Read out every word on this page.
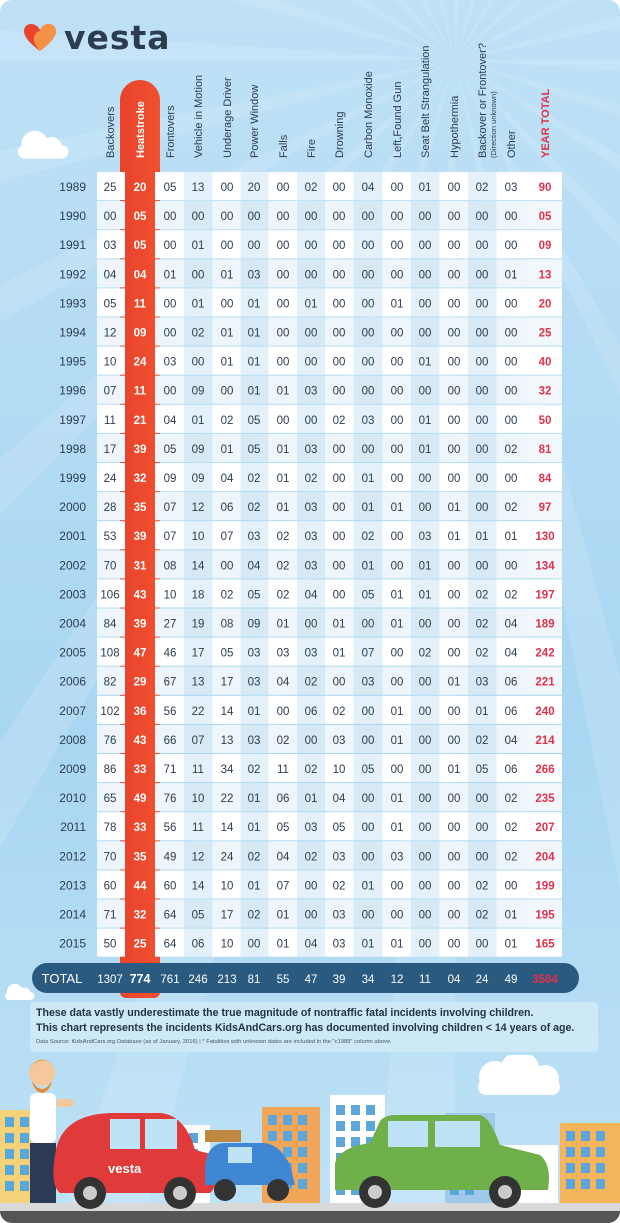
vesta
Backovers Heatstroke Frontovers Vehicle in Motion Underage Driver Power Window Falls Fire Drowning Carbon Monoxide Left,Found Gun Seat Belt Strangulation Hypothermia Backover or Frontover? Other YEAR TOTAL
(Direction unknown)
1989 25 20 05 13 00 20 00 02 00 04 00 01 00 02 03 90
1990 00 05 00 00 00 00 00 00 00 00 00 00 00 00 00 05
1991 03 05 00 01 00 00 00 00 00 00 00 00 00 00 00 09
1992 04 04 01 00 01 03 00 00 00 00 00 00 00 00 01 13
1993 05 11 00 01 00 01 00 01 00 00 01 00 00 00 00 20
1994 12 09 00 02 01 01 00 00 00 00 00 00 00 00 00 25
1995 10 24 03 00 01 01 00 00 00 00 00 01 00 00 00 40
1996 07 11 00 09 00 01 01 03 00 00 00 00 00 00 00 32
1997 11 21 04 01 02 05 00 00 02 03 00 01 00 00 00 50
1998 17 39 05 09 01 05 01 03 00 00 00 01 00 00 02 81
1999 24 32 09 09 04 02 01 02 00 01 00 00 00 00 00 84
2000 28 35 07 12 06 02 01 03 00 01 01 00 01 00 02 97
2001 53 39 07 10 07 03 02 03 00 02 00 03 01 01 01 130
2002 70 31 08 14 00 04 02 03 00 01 00 01 00 00 00 134
2003 106 43 10 18 02 05 02 04 00 05 01 01 00 02 02 197
2004 84 39 27 19 08 09 01 00 01 00 01 00 00 02 04 189
2005 108 47 46 17 05 03 03 03 01 07 00 02 00 02 04 242
2006 82 29 67 13 17 03 04 02 00 03 00 00 01 03 06 221
2007 102 36 56 22 14 01 00 06 02 00 01 00 00 01 06 240
2008 76 43 66 07 13 03 02 00 03 00 01 00 00 02 04 214
2009 86 33 71 11 34 02 11 02 10 05 00 00 01 05 06 266
2010 65 49 76 10 22 01 06 01 04 00 01 00 00 00 02 235
2011 78 33 56 11 14 01 05 03 05 00 01 00 00 00 02 207
2012 70 35 49 12 24 02 04 02 03 00 03 00 00 00 02 204
2013 60 44 60 14 10 01 07 00 02 01 00 00 00 02 00 199
2014 71 32 64 05 17 02 01 00 03 00 00 00 00 02 01 195
2015 50 25 64 06 10 00 01 04 03 01 01 00 00 00 01 165
TOTAL 1307 774 761 246 213 81 55 47 39 34 12 11 04 24 49 3584
These data vastly underestimate the true magnitude of nontraffic fatal incidents involving children.
This chart represents the incidents KidsAndCars.org has documented involving children < 14 years of age.
Data Source: KidsAndCars.org Database (as of January, 2016) | * Fatalities with unknown dates are included in the "c1989" column above.
vesta
